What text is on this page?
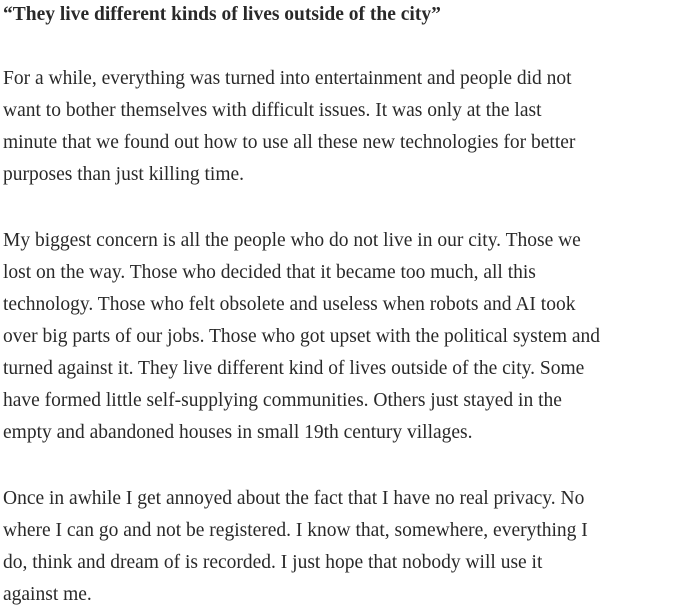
“They live different kinds of lives outside of the city”

For a while, everything was turned into entertainment and people did not
want to bother themselves with difficult issues. It was only at the last
minute that we found out how to use all these new technologies for better
purposes than just killing time.

My biggest concern is all the people who do not live in our city. Those we
lost on the way. Those who decided that it became too much, all this
technology. Those who felt obsolete and useless when robots and AI took
over big parts of our jobs. Those who got upset with the political system and
turned against it. They live different kind of lives outside of the city. Some
have formed little self-supplying communities. Others just stayed in the
empty and abandoned houses in small 19th century villages.

Once in awhile I get annoyed about the fact that I have no real privacy. No
where I can go and not be registered. I know that, somewhere, everything I
do, think and dream of is recorded. I just hope that nobody will use it
against me.
